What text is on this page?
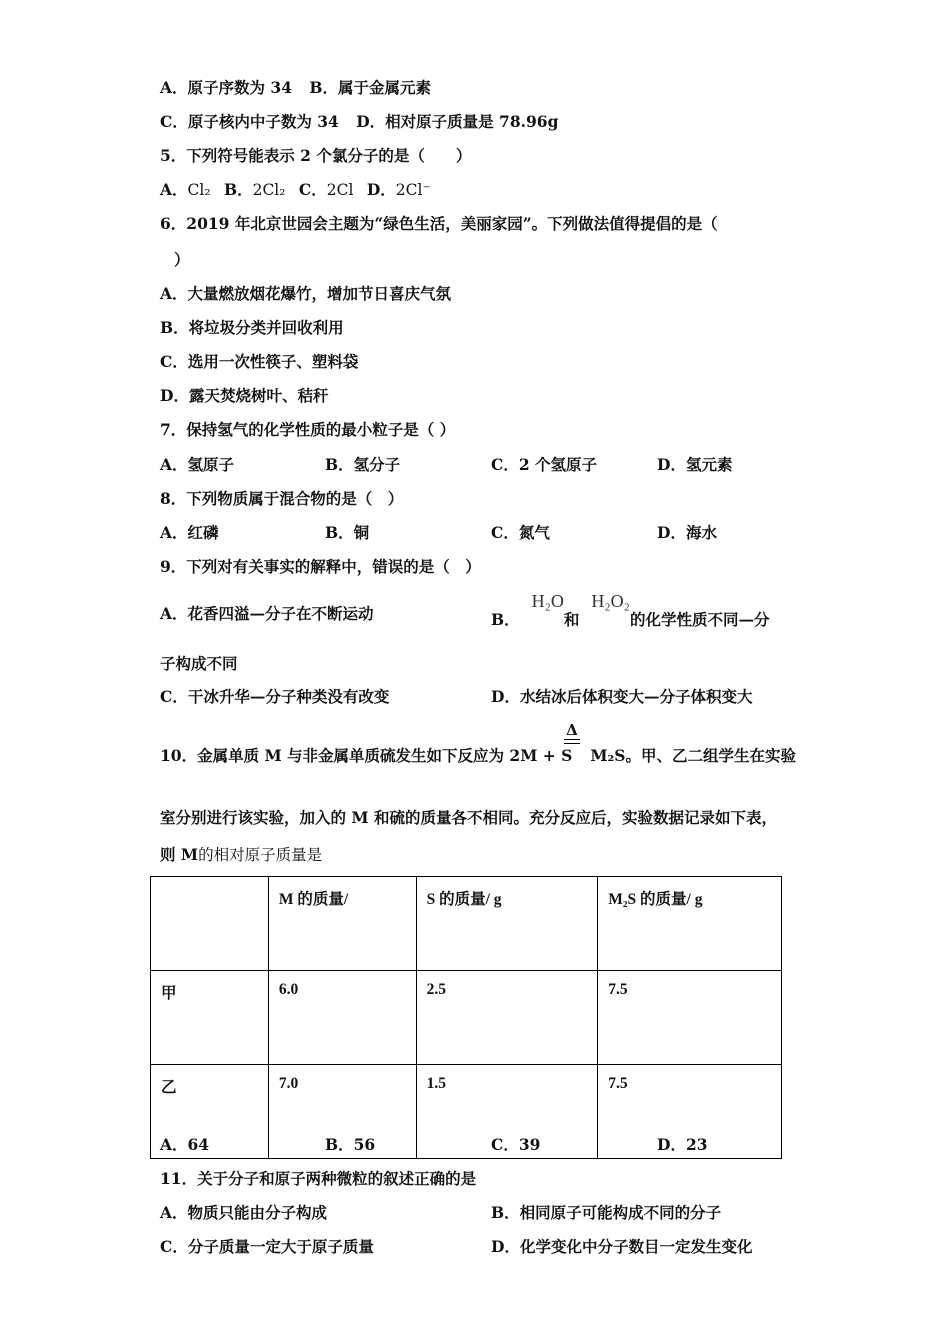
A．原子序数为 34 B．属于金属元素
C．原子核内中子数为 34 D．相对原子质量是 78.96g
5．下列符号能表示 2 个氯分子的是（　　）
A．Cl₂ B．2Cl₂ C．2Cl D．2Cl⁻
6．2019 年北京世园会主题为“绿色生活，美丽家园”。下列做法值得提倡的是（
）
A．大量燃放烟花爆竹，增加节日喜庆气氛
B．将垃圾分类并回收利用
C．选用一次性筷子、塑料袋
D．露天焚烧树叶、秸秆
7．保持氢气的化学性质的最小粒子是（ ）
A．氢原子	B．氢分子	C．2 个氢原子	D．氢元素
8．下列物质属于混合物的是（　）
A．红磷	B．铜	C．氮气	D．海水
9．下列对有关事实的解释中，错误的是（　）
A．花香四溢—分子在不断运动	B．H₂O和H₂O₂的化学性质不同—分
子构成不同
C．干冰升华—分子种类没有改变	D．水结冰后体积变大—分子体积变大
Δ
10．金属单质 M 与非金属单质硫发生如下反应为 2M + S M₂S。甲、乙二组学生在实验
室分别进行该实验，加入的 M 和硫的质量各不相同。充分反应后，实验数据记录如下表，
则 M的相对原子质量是
	M 的质量/	S 的质量/ g	M₂S 的质量/ g
甲	6.0	2.5	7.5
乙	7.0	1.5	7.5
A．64	B．56	C．39	D．23
11．关于分子和原子两种微粒的叙述正确的是
A．物质只能由分子构成	B．相同原子可能构成不同的分子
C．分子质量一定大于原子质量	D．化学变化中分子数目一定发生变化
